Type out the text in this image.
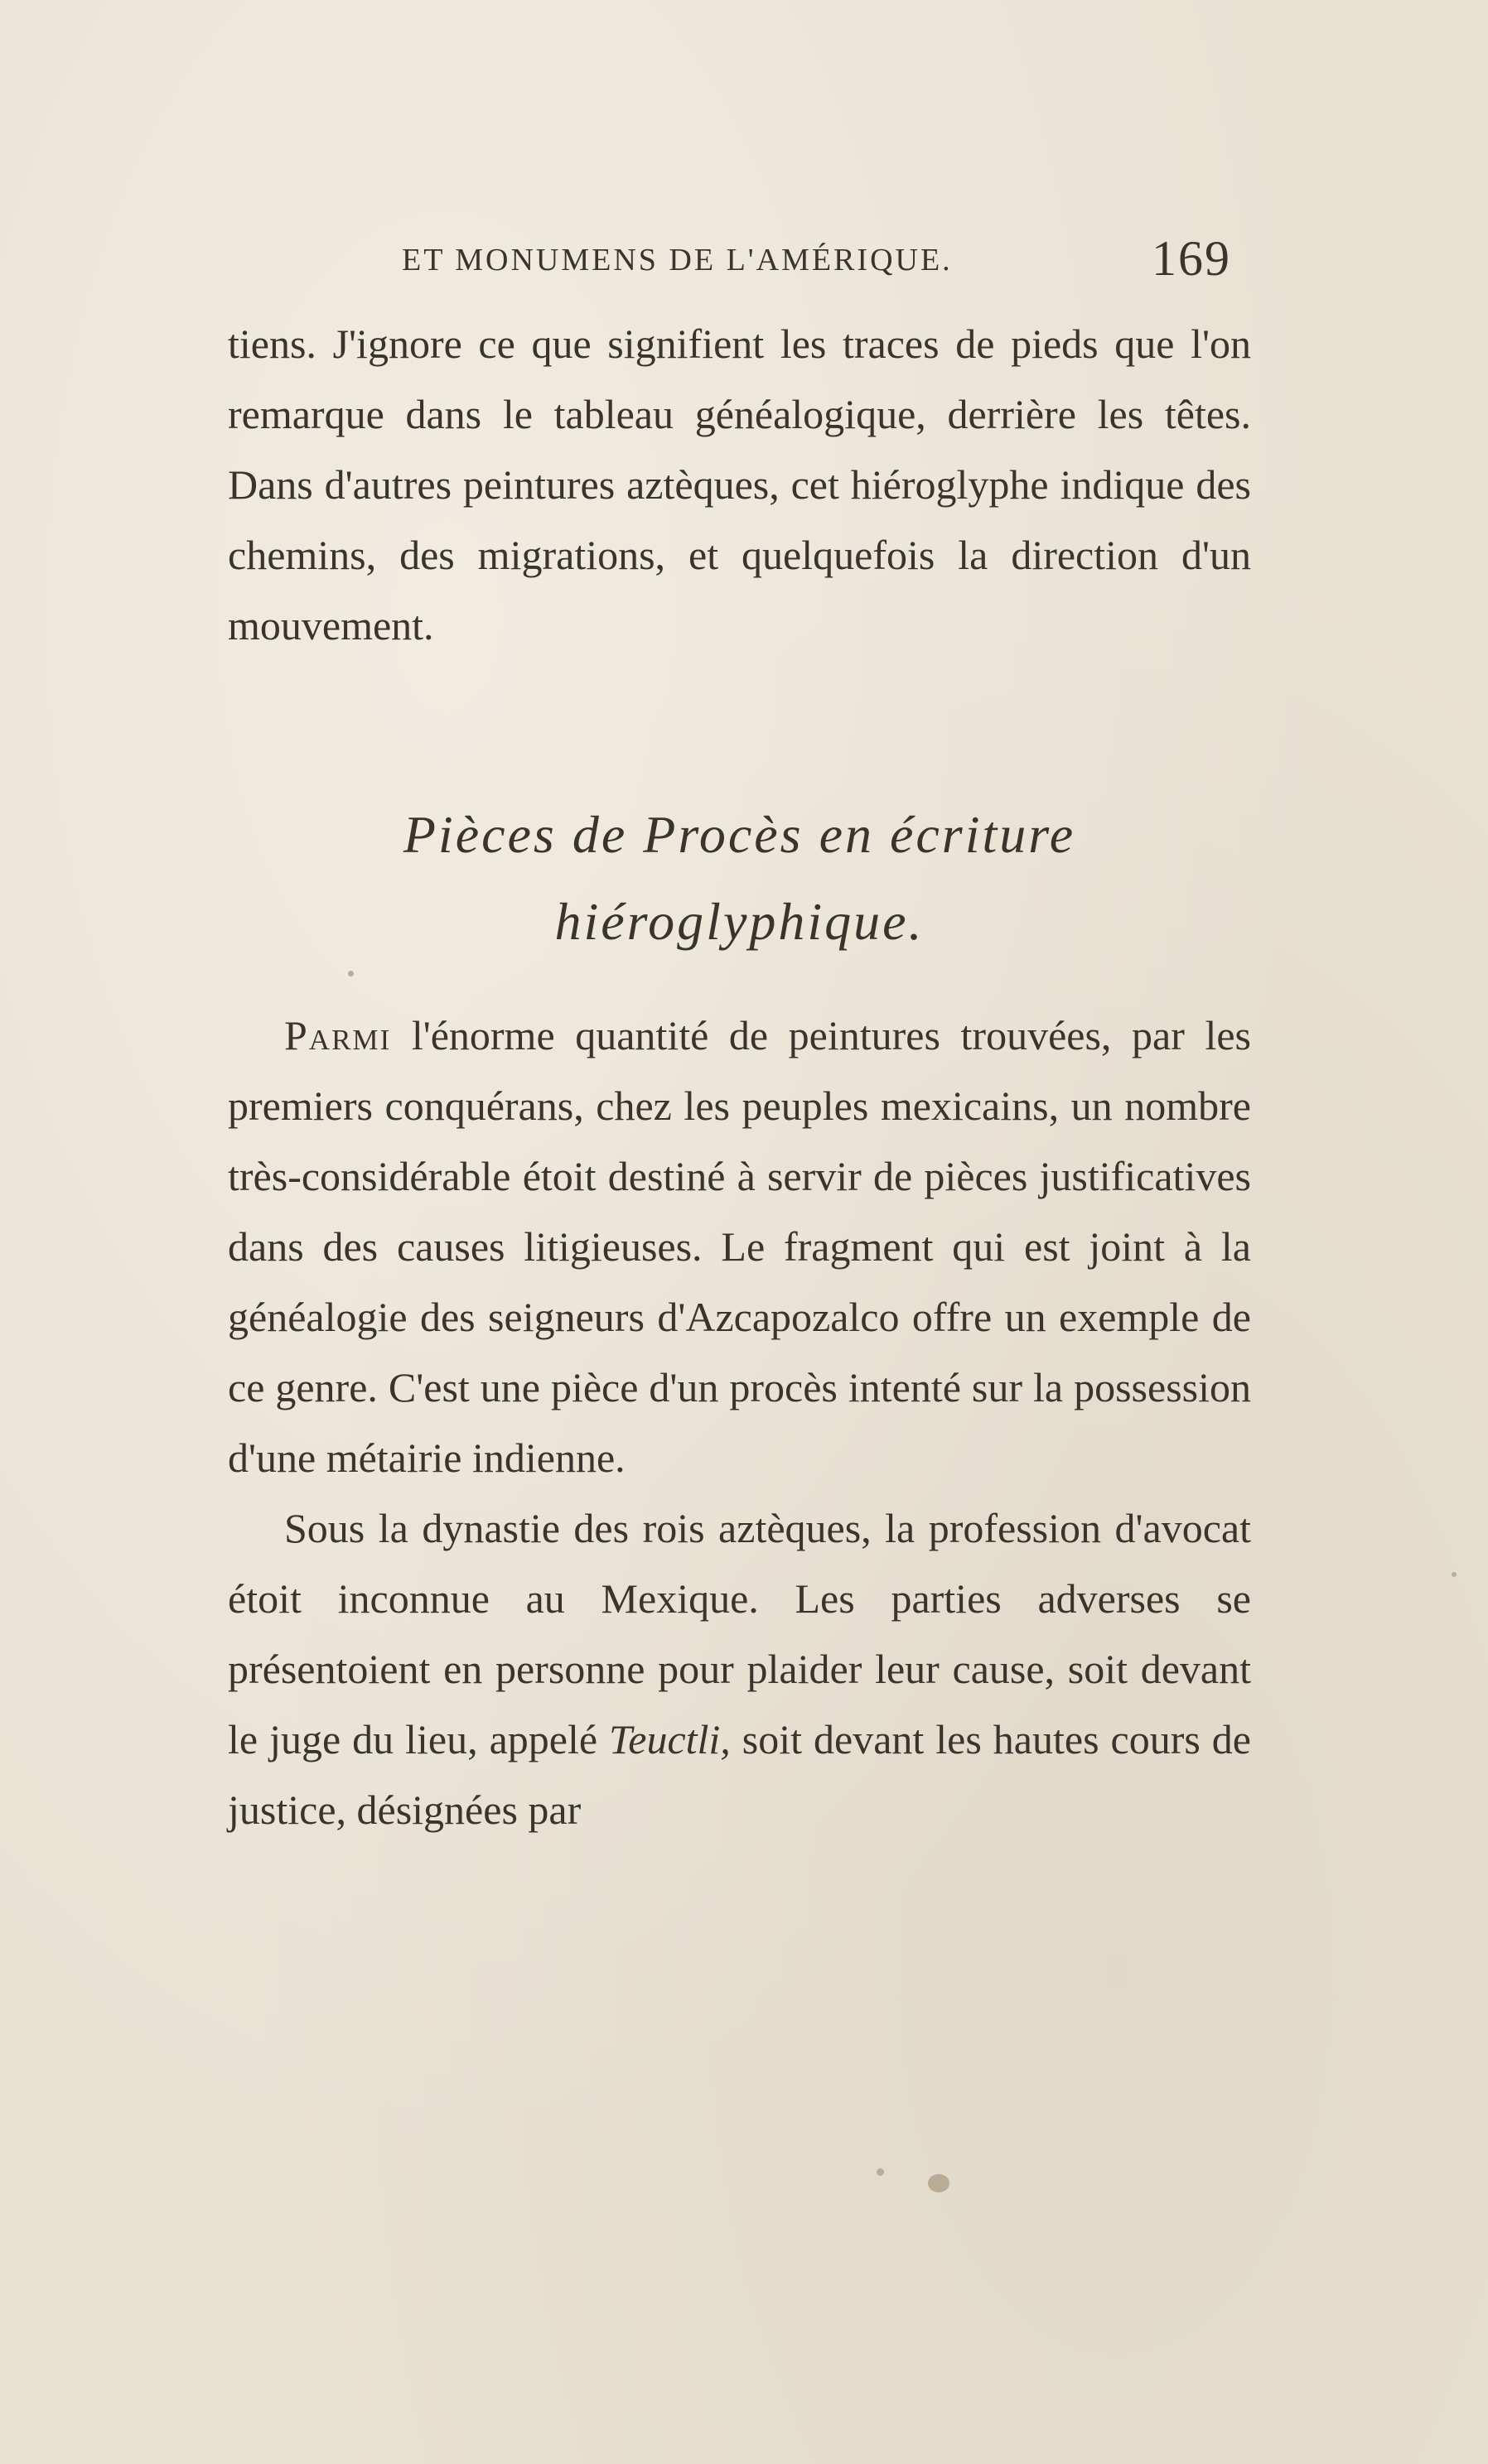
ET MONUMENS DE L'AMÉRIQUE.	169

tiens. J'ignore ce que signifient les traces de pieds que l'on remarque dans le tableau généalogique, derrière les têtes. Dans d'autres peintures aztèques, cet hiéroglyphe indique des chemins, des migrations, et quelquefois la direction d'un mouvement.

Pièces de Procès en écriture
hiéroglyphique.

Parmi l'énorme quantité de peintures trouvées, par les premiers conquérans, chez les peuples mexicains, un nombre très-considérable étoit destiné à servir de pièces justificatives dans des causes litigieuses. Le fragment qui est joint à la généalogie des seigneurs d'Azcapozalco offre un exemple de ce genre. C'est une pièce d'un procès intenté sur la possession d'une métairie indienne.

Sous la dynastie des rois aztèques, la profession d'avocat étoit inconnue au Mexique. Les parties adverses se présentoient en personne pour plaider leur cause, soit devant le juge du lieu, appelé Teuctli, soit devant les hautes cours de justice, désignées par
